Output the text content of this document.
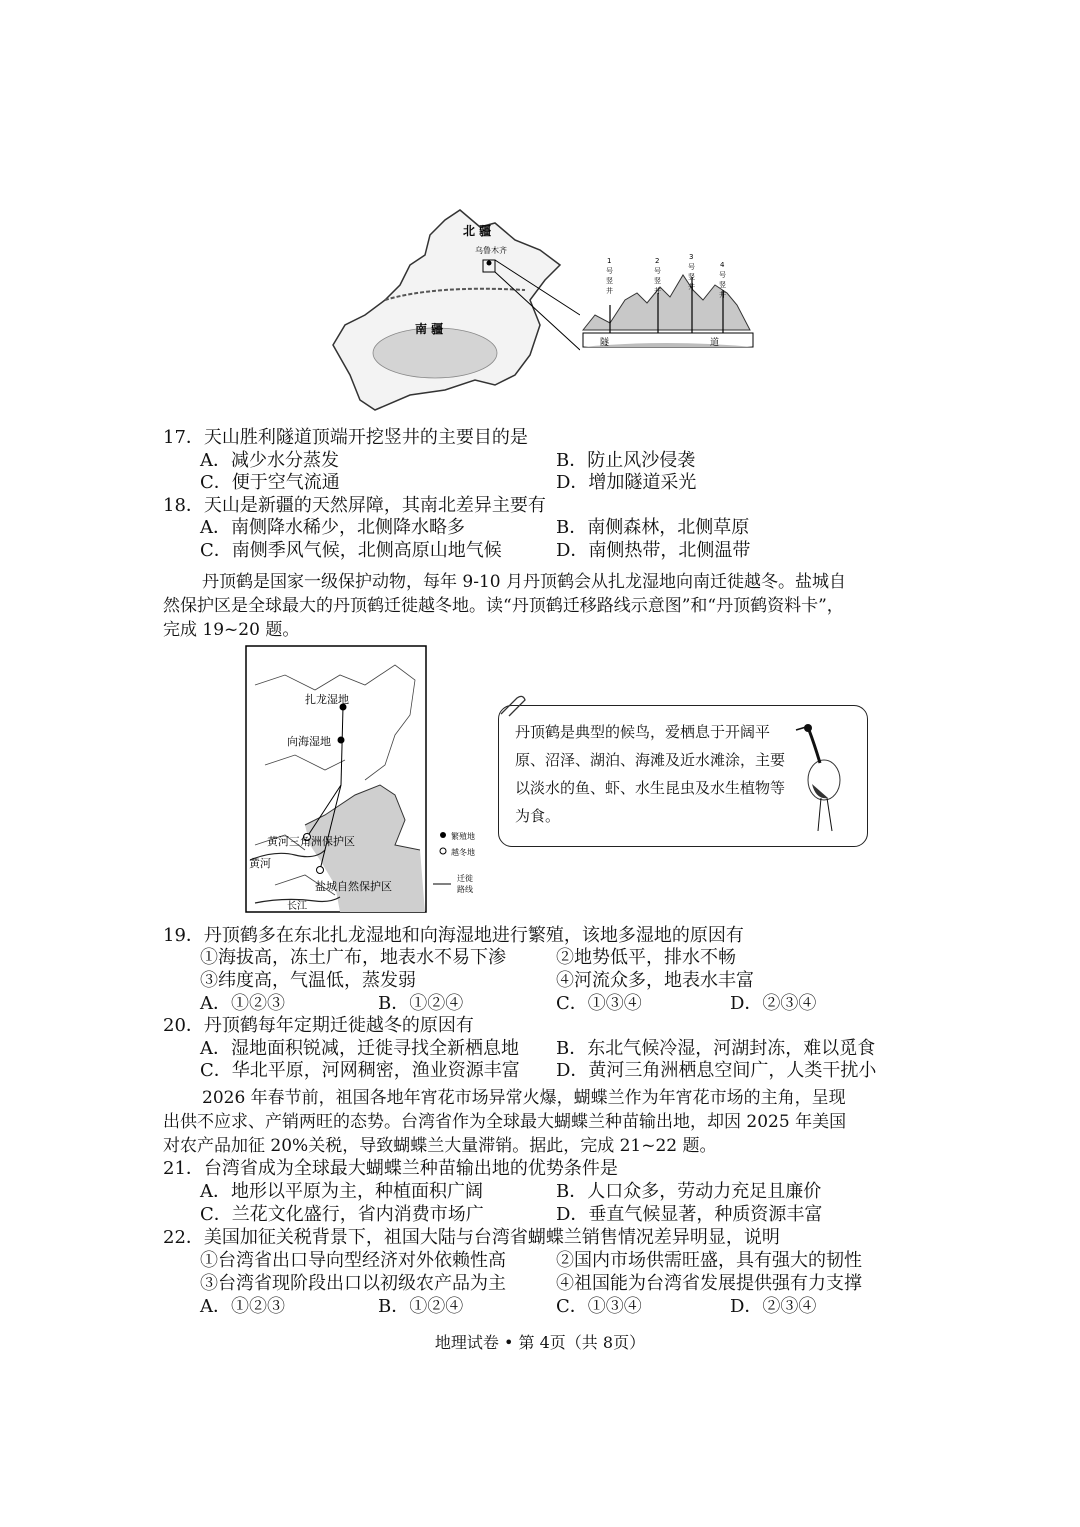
北 疆
乌鲁木齐
南 疆
1
号
竖
井
2
号
竖
井
3
号
竖
井
4
号
竖
井
隧	道
17．天山胜利隧道顶端开挖竖井的主要目的是
A．减少水分蒸发	B．防止风沙侵袭
C．便于空气流通	D．增加隧道采光
18．天山是新疆的天然屏障，其南北差异主要有
A．南侧降水稀少，北侧降水略多	B．南侧森林，北侧草原
C．南侧季风气候，北侧高原山地气候	D．南侧热带，北侧温带
丹顶鹤是国家一级保护动物，每年 9-10 月丹顶鹤会从扎龙湿地向南迁徙越冬。盐城自
然保护区是全球最大的丹顶鹤迁徙越冬地。读“丹顶鹤迁移路线示意图”和“丹顶鹤资料卡”，
完成 19~20 题。
扎龙湿地
向海湿地
黄河三角洲保护区
黄河
盐城自然保护区
长江
繁殖地
越冬地
迁徙
路线
丹顶鹤是典型的候鸟，爱栖息于开阔平原、沼泽、湖泊、海滩及近水滩涂，主要以淡水的鱼、虾、水生昆虫及水生植物等为食。
19．丹顶鹤多在东北扎龙湿地和向海湿地进行繁殖，该地多湿地的原因有
①海拔高，冻土广布，地表水不易下渗	②地势低平，排水不畅
③纬度高，气温低，蒸发弱	④河流众多，地表水丰富
A．①②③	B．①②④	C．①③④	D．②③④
20．丹顶鹤每年定期迁徙越冬的原因有
A．湿地面积锐减，迁徙寻找全新栖息地 B．东北气候冷湿，河湖封冻，难以觅食
C．华北平原，河网稠密，渔业资源丰富 D．黄河三角洲栖息空间广，人类干扰小
2026 年春节前，祖国各地年宵花市场异常火爆，蝴蝶兰作为年宵花市场的主角，呈现
出供不应求、产销两旺的态势。台湾省作为全球最大蝴蝶兰种苗输出地，却因 2025 年美国
对农产品加征 20%关税，导致蝴蝶兰大量滞销。据此，完成 21~22 题。
21．台湾省成为全球最大蝴蝶兰种苗输出地的优势条件是
A．地形以平原为主，种植面积广阔	B．人口众多，劳动力充足且廉价
C．兰花文化盛行，省内消费市场广	D．垂直气候显著，种质资源丰富
22．美国加征关税背景下，祖国大陆与台湾省蝴蝶兰销售情况差异明显，说明
①台湾省出口导向型经济对外依赖性高	②国内市场供需旺盛，具有强大的韧性
③台湾省现阶段出口以初级农产品为主	④祖国能为台湾省发展提供强有力支撑
A．①②③	B．①②④	C．①③④	D．②③④
地理试卷 • 第 4页（共 8页）
